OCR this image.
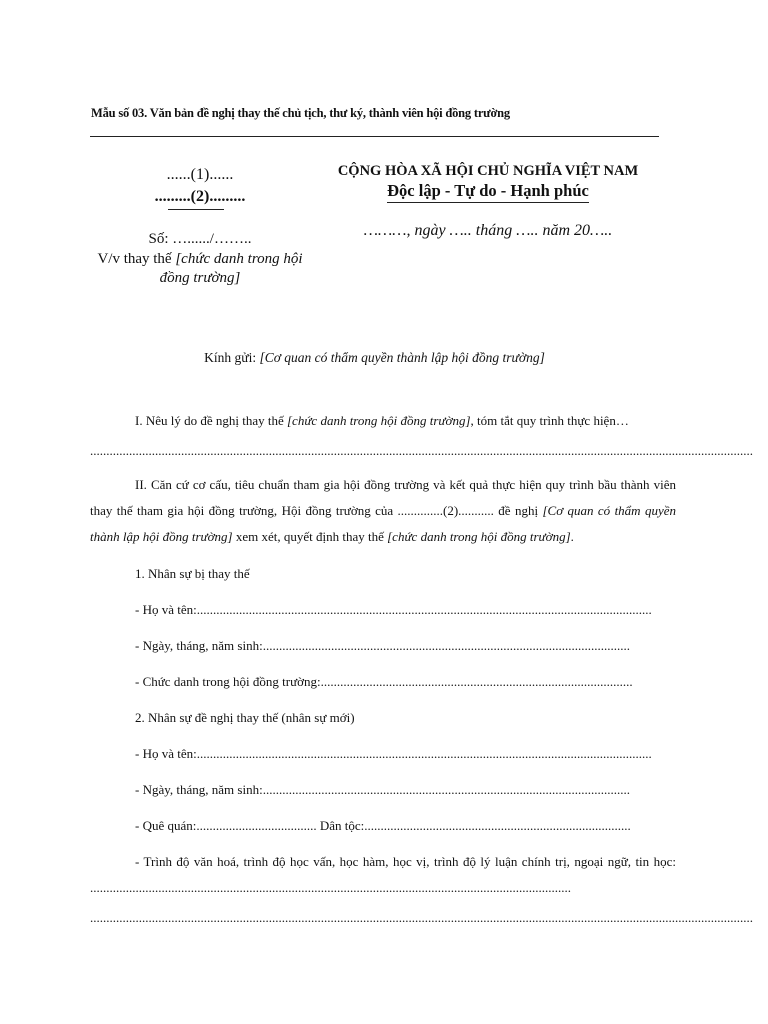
Mẫu số 03. Văn bản đề nghị thay thế chủ tịch, thư ký, thành viên hội đồng trường
......(1)......
.........(2).........
Số: …....../……..
V/v thay thế [chức danh trong hội đồng trường]
CỘNG HÒA XÃ HỘI CHỦ NGHĨA VIỆT NAM
Độc lập - Tự do - Hạnh phúc
………, ngày ….. tháng ….. năm 20…..
Kính gửi: [Cơ quan có thẩm quyền thành lập hội đồng trường]
I. Nêu lý do đề nghị thay thế [chức danh trong hội đồng trường], tóm tắt quy trình thực hiện…
............................................................................................................................................................................................................
II. Căn cứ cơ cấu, tiêu chuẩn tham gia hội đồng trường và kết quả thực hiện quy trình bầu thành viên thay thế tham gia hội đồng trường, Hội đồng trường của ..............(2)........... đề nghị [Cơ quan có thẩm quyền thành lập hội đồng trường] xem xét, quyết định thay thế [chức danh trong hội đồng trường].
1. Nhân sự bị thay thế
- Họ và tên:............................................................................................................................................
- Ngày, tháng, năm sinh:.................................................................................................................
- Chức danh trong hội đồng trường:................................................................................................
2. Nhân sự đề nghị thay thế (nhân sự mới)
- Họ và tên:............................................................................................................................................
- Ngày, tháng, năm sinh:.................................................................................................................
- Quê quán:..................................... Dân tộc:..................................................................................
- Trình độ văn hoá, trình độ học vấn, học hàm, học vị, trình độ lý luận chính trị, ngoại ngữ, tin học: ....................................................................................................................................................
............................................................................................................................................................................................................
